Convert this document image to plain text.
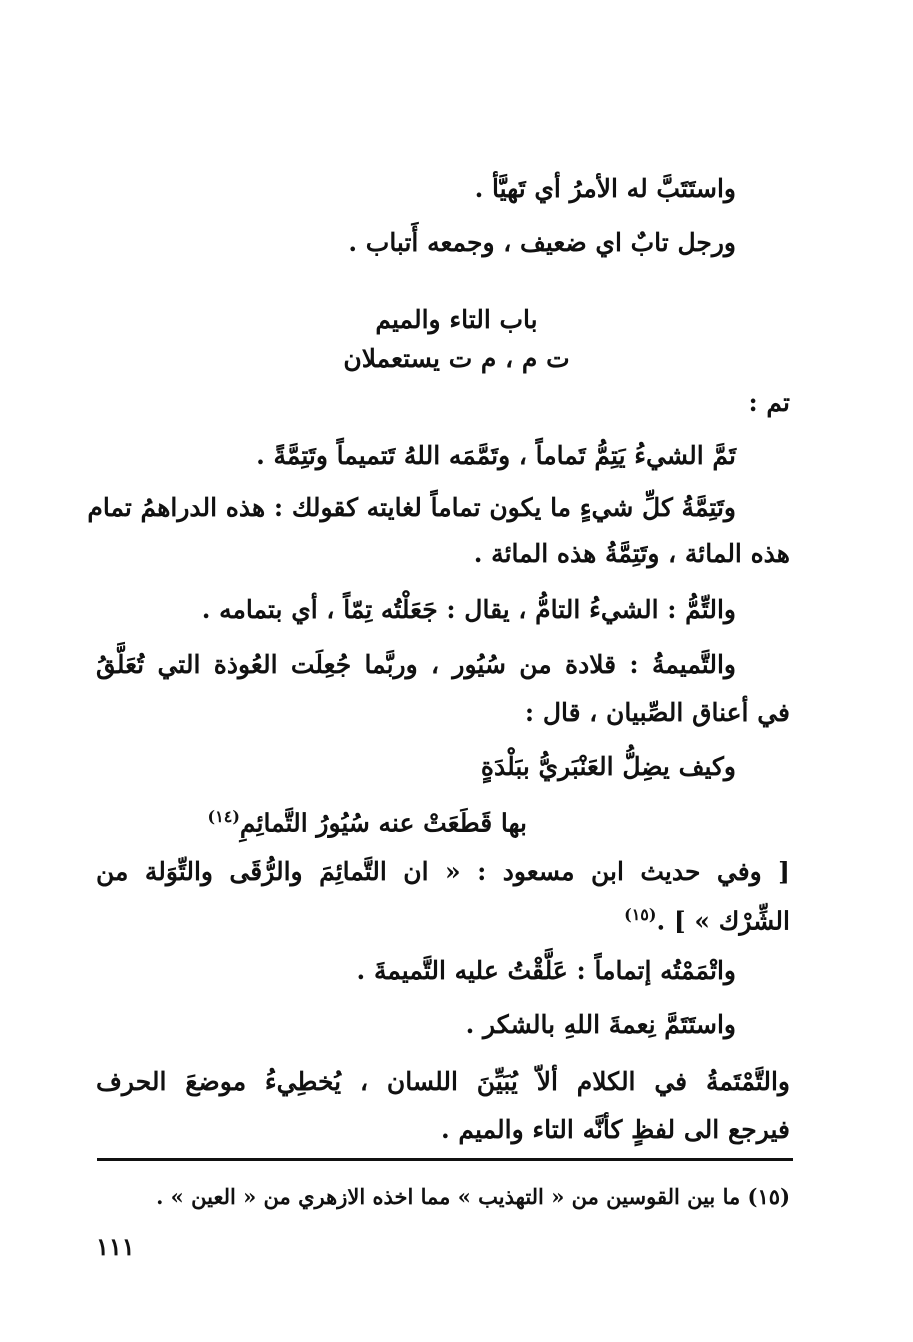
واستَتَبَّ له الأمرُ أي تَهيَّأ .
ورجل تابٌ اي ضعيف ، وجمعه أَتباب .
باب التاء والميم
ت م ، م ت يستعملان
تم :
تَمَّ الشيءُ يَتِمُّ تَماماً ، وتَمَّمَه اللهُ تَتميماً وتَتِمَّةً .
وتَتِمَّةُ كلِّ شيءٍ ما يكون تماماً لغايته كقولك : هذه الدراهمُ تمام
هذه المائة ، وتَتِمَّةُ هذه المائة .
والتِّمُّ : الشيءُ التامُّ ، يقال : جَعَلْتُه تِمّاً ، أي بتمامه .
والتَّميمةُ : قلادة من سُيُور ، وربَّما جُعِلَت العُوذة التي تُعَلَّقُ
في أعناق الصِّبيان ، قال :
وكيف يضِلُّ العَنْبَريُّ ببَلْدَةٍ
بها قَطَعَتْ عنه سُيُورُ التَّمائِمِ$^{(١٤)}$
[ وفي حديث ابن مسعود : « ان التَّمائِمَ والرُّقَى والتِّوَلة من
الشِّرْك » ] .$^{(١٥)}$
واتْمَمْتُه إتماماً : عَلَّقْتُ عليه التَّميمةَ .
واستَتَمَّ نِعمةَ اللهِ بالشكر .
والتَّمْتَمةُ في الكلام ألاّ يُبَيِّنَ اللسان ، يُخطِيءُ موضعَ الحرف
فيرجع الى لفظٍ كأنَّه التاء والميم .
(١٥) ما بين القوسين من « التهذيب » مما اخذه الازهري من « العين » .
١١١
